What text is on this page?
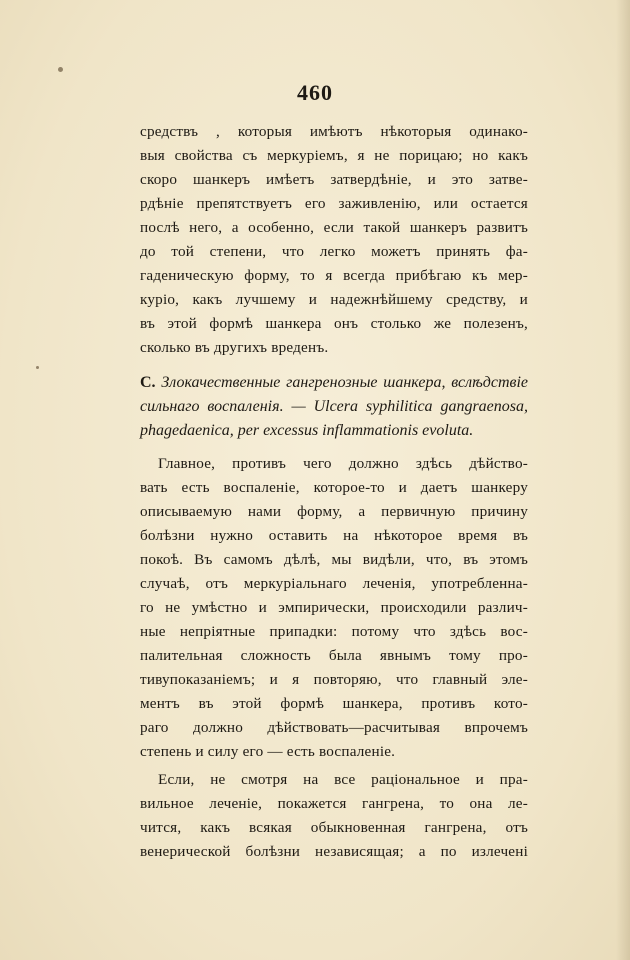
460
средствъ , которыя имѣютъ нѣкоторыя одинако-
выя свойства съ меркуріемъ, я не порицаю; но какъ
скоро шанкеръ имѣетъ затвердѣніе, и это затве-
рдѣніе препятствуетъ его заживленію, или остается
послѣ него, а особенно, если такой шанкеръ развитъ
до той степени, что легко можетъ принять фа-
гаденическую форму, то я всегда прибѣгаю къ мер-
куріо, какъ лучшему и надежнѣйшему средству, и
въ этой формѣ шанкера онъ столько же полезенъ,
сколько въ другихъ вреденъ.
C. Злокачественные гангренозные шанкера, вслѣдствіе
сильнаго воспаленія. — Ulcera syphilitica gangraenosa,
phagedaenica, per excessus inflammationis evoluta.
Главное, противъ чего должно здѣсь дѣйство-
вать есть воспаленіе, которое-то и даетъ шанкеру
описываемую нами форму, а первичную причину
болѣзни нужно оставить на нѣкоторое время въ
покоѣ. Въ самомъ дѣлѣ, мы видѣли, что, въ этомъ
случаѣ, отъ меркуріальнаго леченія, употребленна-
го не умѣстно и эмпирически, происходили различ-
ные непріятные припадки: потому что здѣсь вос-
палительная сложность была явнымъ тому про-
тивупоказаніемъ; и я повторяю, что главный эле-
ментъ въ этой формѣ шанкера, противъ кото-
раго должно дѣйствовать—расчитывая впрочемъ
степень и силу его — есть воспаленіе.
Если, не смотря на все раціональное и пра-
вильное леченіе, покажется гангрена, то она ле-
чится, какъ всякая обыкновенная гангрена, отъ
венерической болѣзни независящая; а по излечені
